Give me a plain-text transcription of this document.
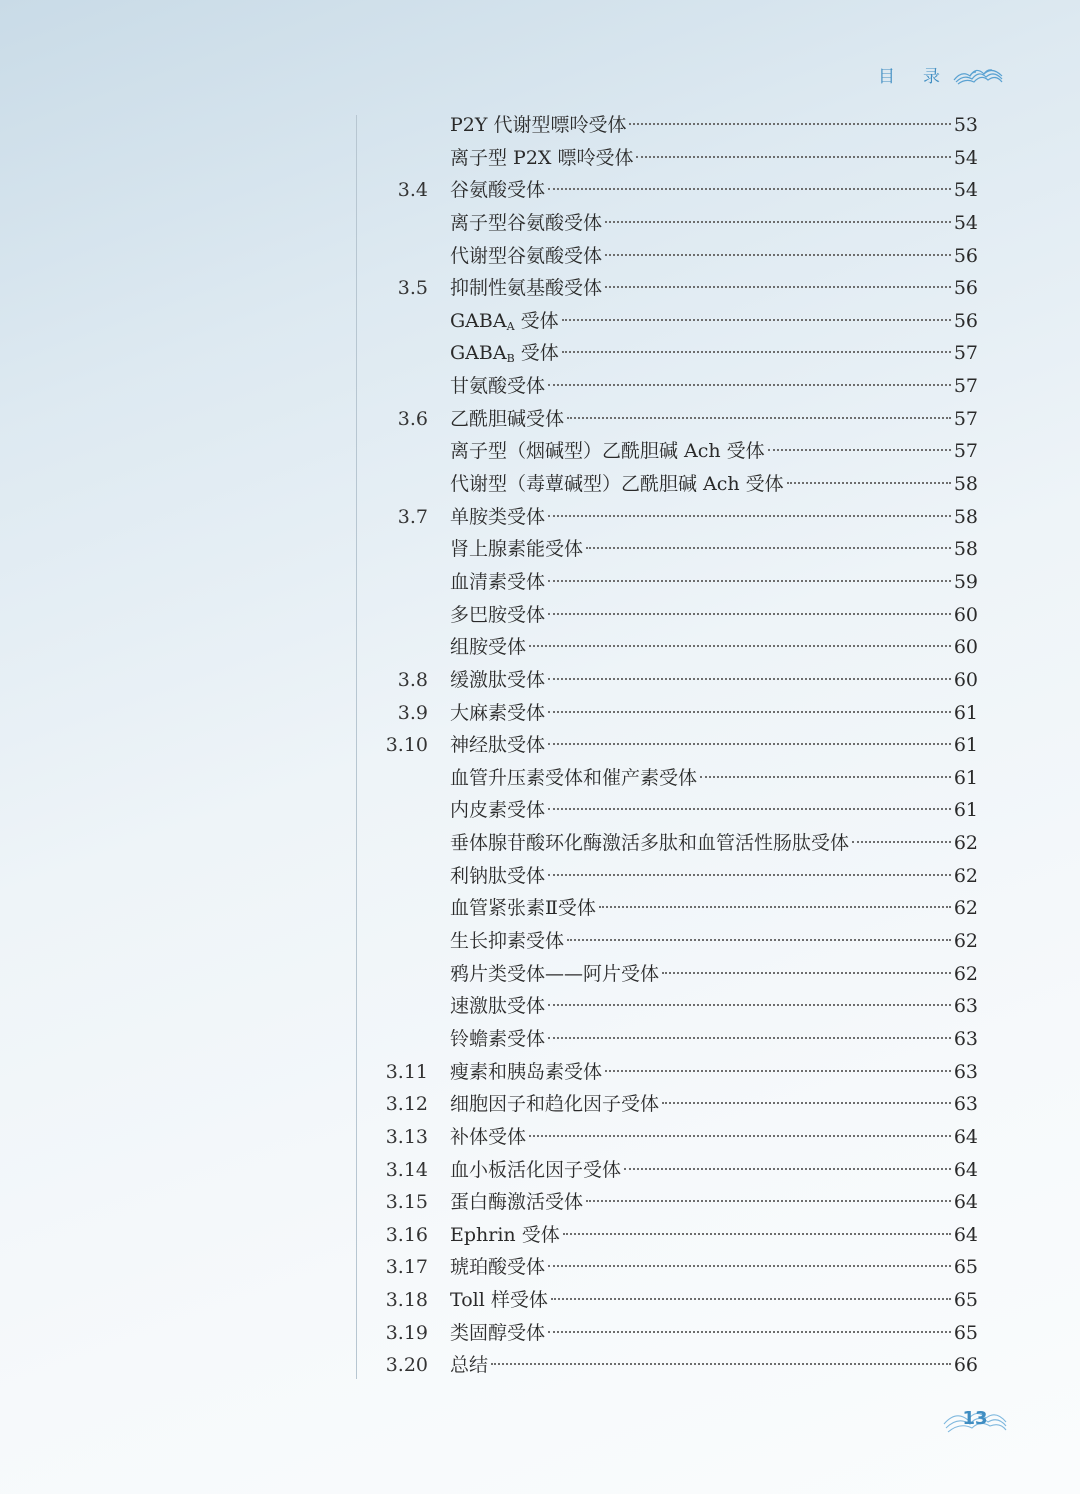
目录
P2Y 代谢型嘌呤受体	53
离子型 P2X 嘌呤受体	54
3.4 谷氨酸受体	54
离子型谷氨酸受体	54
代谢型谷氨酸受体	56
3.5 抑制性氨基酸受体	56
$GABA_A$ 受体	56
$GABA_B$ 受体	57
甘氨酸受体	57
3.6 乙酰胆碱受体	57
离子型（烟碱型）乙酰胆碱 Ach 受体	57
代谢型（毒蕈碱型）乙酰胆碱 Ach 受体	58
3.7 单胺类受体	58
肾上腺素能受体	58
血清素受体	59
多巴胺受体	60
组胺受体	60
3.8 缓激肽受体	60
3.9 大麻素受体	61
3.10 神经肽受体	61
血管升压素受体和催产素受体	61
内皮素受体	61
垂体腺苷酸环化酶激活多肽和血管活性肠肽受体	62
利钠肽受体	62
血管紧张素Ⅱ受体	62
生长抑素受体	62
鸦片类受体——阿片受体	62
速激肽受体	63
铃蟾素受体	63
3.11 瘦素和胰岛素受体	63
3.12 细胞因子和趋化因子受体	63
3.13 补体受体	64
3.14 血小板活化因子受体	64
3.15 蛋白酶激活受体	64
3.16 Ephrin 受体	64
3.17 琥珀酸受体	65
3.18 Toll 样受体	65
3.19 类固醇受体	65
3.20 总结	66
13
